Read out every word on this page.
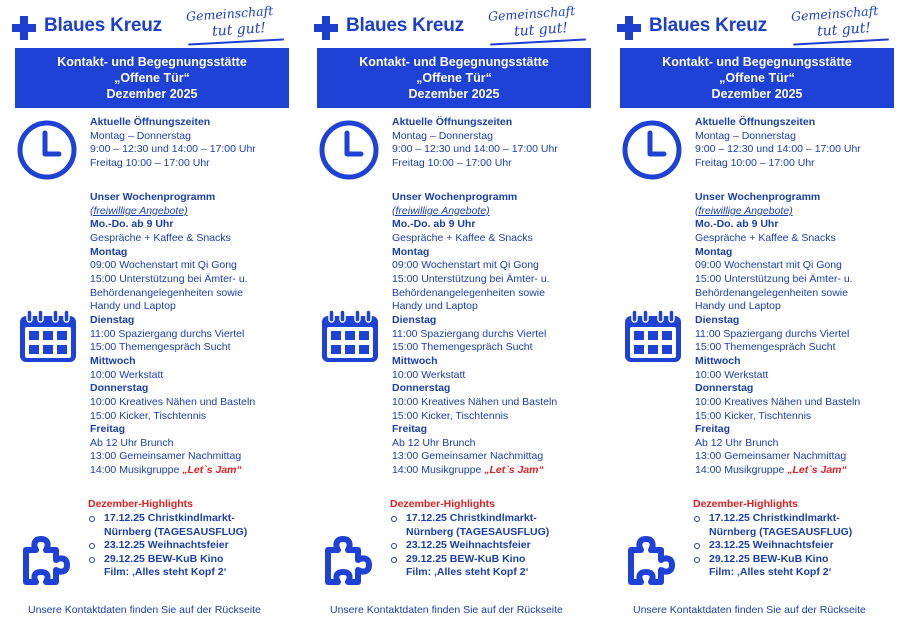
Blaues Kreuz
Gemeinschaft
tut gut!
Kontakt- und Begegnungsstätte
„Offene Tür“
Dezember 2025
Aktuelle Öffnungszeiten
Montag – Donnerstag
9:00 – 12:30 und 14:00 – 17:00 Uhr
Freitag 10:00 – 17:00 Uhr
Unser Wochenprogramm
(freiwillige Angebote)
Mo.-Do. ab 9 Uhr
Gespräche + Kaffee & Snacks
Montag
09:00 Wochenstart mit Qi Gong
15:00 Unterstützung bei Ämter- u.
Behördenangelegenheiten sowie
Handy und Laptop
Dienstag
11:00 Spaziergang durchs Viertel
15:00 Themengespräch Sucht
Mittwoch
10:00 Werkstatt
Donnerstag
10:00 Kreatives Nähen und Basteln
15:00 Kicker, Tischtennis
Freitag
Ab 12 Uhr Brunch
13:00 Gemeinsamer Nachmittag
14:00 Musikgruppe „Let`s Jam“
Dezember-Highlights
17.12.25 Christkindlmarkt-
Nürnberg (TAGESAUSFLUG)
23.12.25 Weihnachtsfeier
29.12.25 BEW-KuB Kino
Film: ‚Alles steht Kopf 2‘
Unsere Kontaktdaten finden Sie auf der Rückseite
Blaues Kreuz
Gemeinschaft
tut gut!
Kontakt- und Begegnungsstätte
„Offene Tür“
Dezember 2025
Aktuelle Öffnungszeiten
Montag – Donnerstag
9:00 – 12:30 und 14:00 – 17:00 Uhr
Freitag 10:00 – 17:00 Uhr
Unser Wochenprogramm
(freiwillige Angebote)
Mo.-Do. ab 9 Uhr
Gespräche + Kaffee & Snacks
Montag
09:00 Wochenstart mit Qi Gong
15:00 Unterstützung bei Ämter- u.
Behördenangelegenheiten sowie
Handy und Laptop
Dienstag
11:00 Spaziergang durchs Viertel
15:00 Themengespräch Sucht
Mittwoch
10:00 Werkstatt
Donnerstag
10:00 Kreatives Nähen und Basteln
15:00 Kicker, Tischtennis
Freitag
Ab 12 Uhr Brunch
13:00 Gemeinsamer Nachmittag
14:00 Musikgruppe „Let`s Jam“
Dezember-Highlights
17.12.25 Christkindlmarkt-
Nürnberg (TAGESAUSFLUG)
23.12.25 Weihnachtsfeier
29.12.25 BEW-KuB Kino
Film: ‚Alles steht Kopf 2‘
Unsere Kontaktdaten finden Sie auf der Rückseite
Blaues Kreuz
Gemeinschaft
tut gut!
Kontakt- und Begegnungsstätte
„Offene Tür“
Dezember 2025
Aktuelle Öffnungszeiten
Montag – Donnerstag
9:00 – 12:30 und 14:00 – 17:00 Uhr
Freitag 10:00 – 17:00 Uhr
Unser Wochenprogramm
(freiwillige Angebote)
Mo.-Do. ab 9 Uhr
Gespräche + Kaffee & Snacks
Montag
09:00 Wochenstart mit Qi Gong
15:00 Unterstützung bei Ämter- u.
Behördenangelegenheiten sowie
Handy und Laptop
Dienstag
11:00 Spaziergang durchs Viertel
15:00 Themengespräch Sucht
Mittwoch
10:00 Werkstatt
Donnerstag
10:00 Kreatives Nähen und Basteln
15:00 Kicker, Tischtennis
Freitag
Ab 12 Uhr Brunch
13:00 Gemeinsamer Nachmittag
14:00 Musikgruppe „Let`s Jam“
Dezember-Highlights
17.12.25 Christkindlmarkt-
Nürnberg (TAGESAUSFLUG)
23.12.25 Weihnachtsfeier
29.12.25 BEW-KuB Kino
Film: ‚Alles steht Kopf 2‘
Unsere Kontaktdaten finden Sie auf der Rückseite
